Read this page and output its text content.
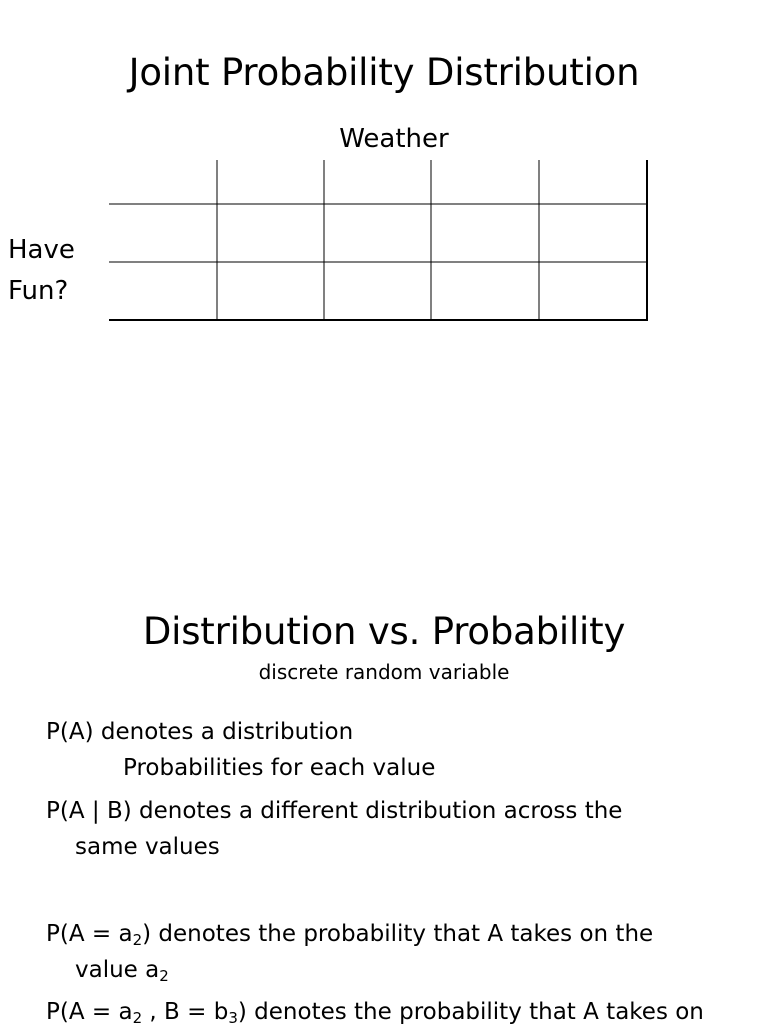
Joint Probability Distribution
Weather
Have
Fun?
Distribution vs. Probability
discrete random variable
P(A) denotes a distribution
Probabilities for each value
P(A | B) denotes a different distribution across the
same values
$P(A = a_2)$ denotes the probability that A takes on the
value $a_2$
$P(A = a_2$ , $B = b_3$) denotes the probability that A takes on
